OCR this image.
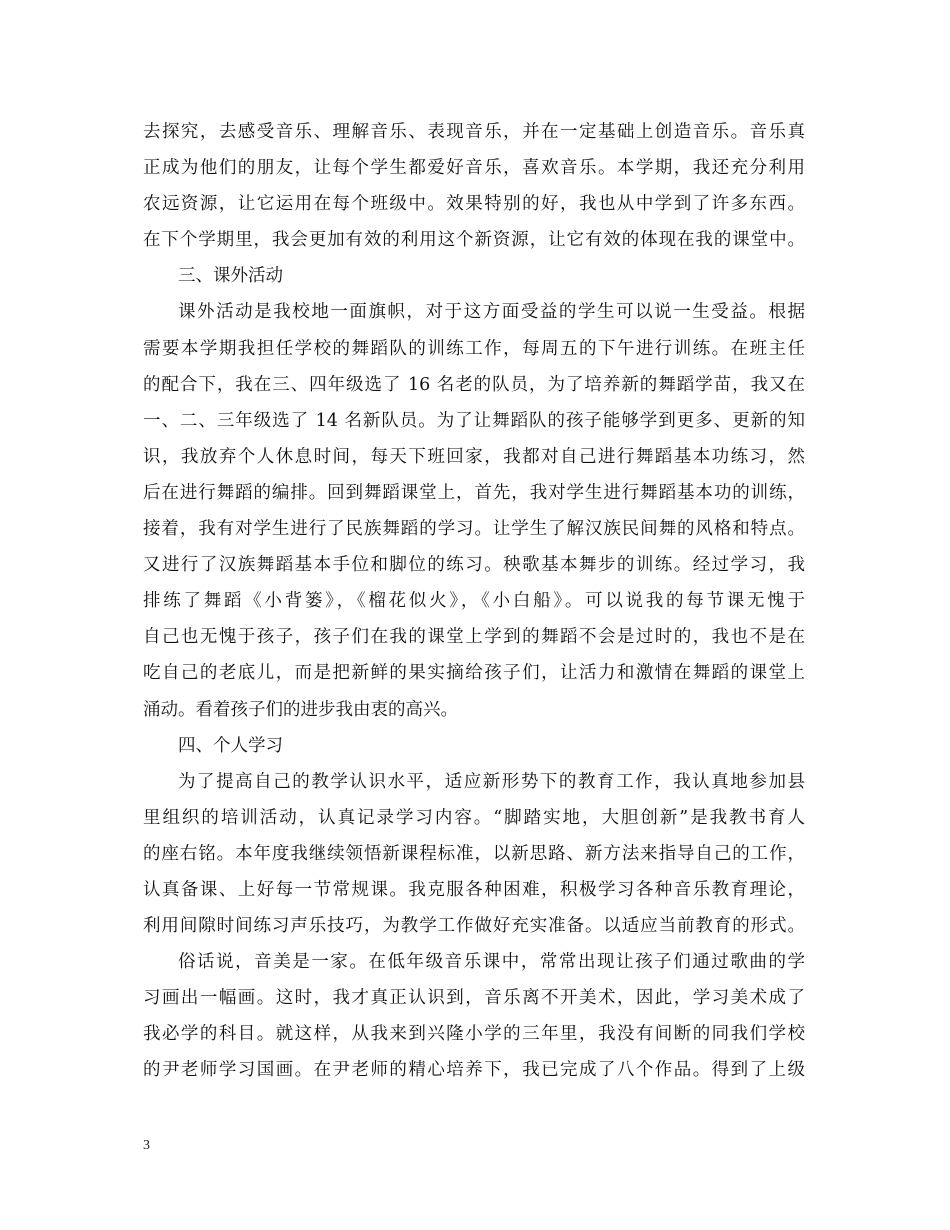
去探究，去感受音乐、理解音乐、表现音乐，并在一定基础上创造音乐。音乐真
正成为他们的朋友，让每个学生都爱好音乐，喜欢音乐。本学期，我还充分利用
农远资源，让它运用在每个班级中。效果特别的好，我也从中学到了许多东西。
在下个学期里，我会更加有效的利用这个新资源，让它有效的体现在我的课堂中。
三、课外活动
课外活动是我校地一面旗帜，对于这方面受益的学生可以说一生受益。根据
需要本学期我担任学校的舞蹈队的训练工作，每周五的下午进行训练。在班主任
的配合下，我在三、四年级选了 16 名老的队员，为了培养新的舞蹈学苗，我又在
一、二、三年级选了 14 名新队员。为了让舞蹈队的孩子能够学到更多、更新的知
识，我放弃个人休息时间，每天下班回家，我都对自己进行舞蹈基本功练习，然
后在进行舞蹈的编排。回到舞蹈课堂上，首先，我对学生进行舞蹈基本功的训练，
接着，我有对学生进行了民族舞蹈的学习。让学生了解汉族民间舞的风格和特点。
又进行了汉族舞蹈基本手位和脚位的练习。秧歌基本舞步的训练。经过学习，我
排练了舞蹈《小背篓》，《榴花似火》，《小白船》。可以说我的每节课无愧于
自己也无愧于孩子，孩子们在我的课堂上学到的舞蹈不会是过时的，我也不是在
吃自己的老底儿，而是把新鲜的果实摘给孩子们，让活力和激情在舞蹈的课堂上
涌动。看着孩子们的进步我由衷的高兴。
四、个人学习
为了提高自己的教学认识水平，适应新形势下的教育工作，我认真地参加县
里组织的培训活动，认真记录学习内容。“脚踏实地，大胆创新”是我教书育人
的座右铭。本年度我继续领悟新课程标准，以新思路、新方法来指导自己的工作，
认真备课、上好每一节常规课。我克服各种困难，积极学习各种音乐教育理论，
利用间隙时间练习声乐技巧，为教学工作做好充实准备。以适应当前教育的形式。
俗话说，音美是一家。在低年级音乐课中，常常出现让孩子们通过歌曲的学
习画出一幅画。这时，我才真正认识到，音乐离不开美术，因此，学习美术成了
我必学的科目。就这样，从我来到兴隆小学的三年里，我没有间断的同我们学校
的尹老师学习国画。在尹老师的精心培养下，我已完成了八个作品。得到了上级
3
